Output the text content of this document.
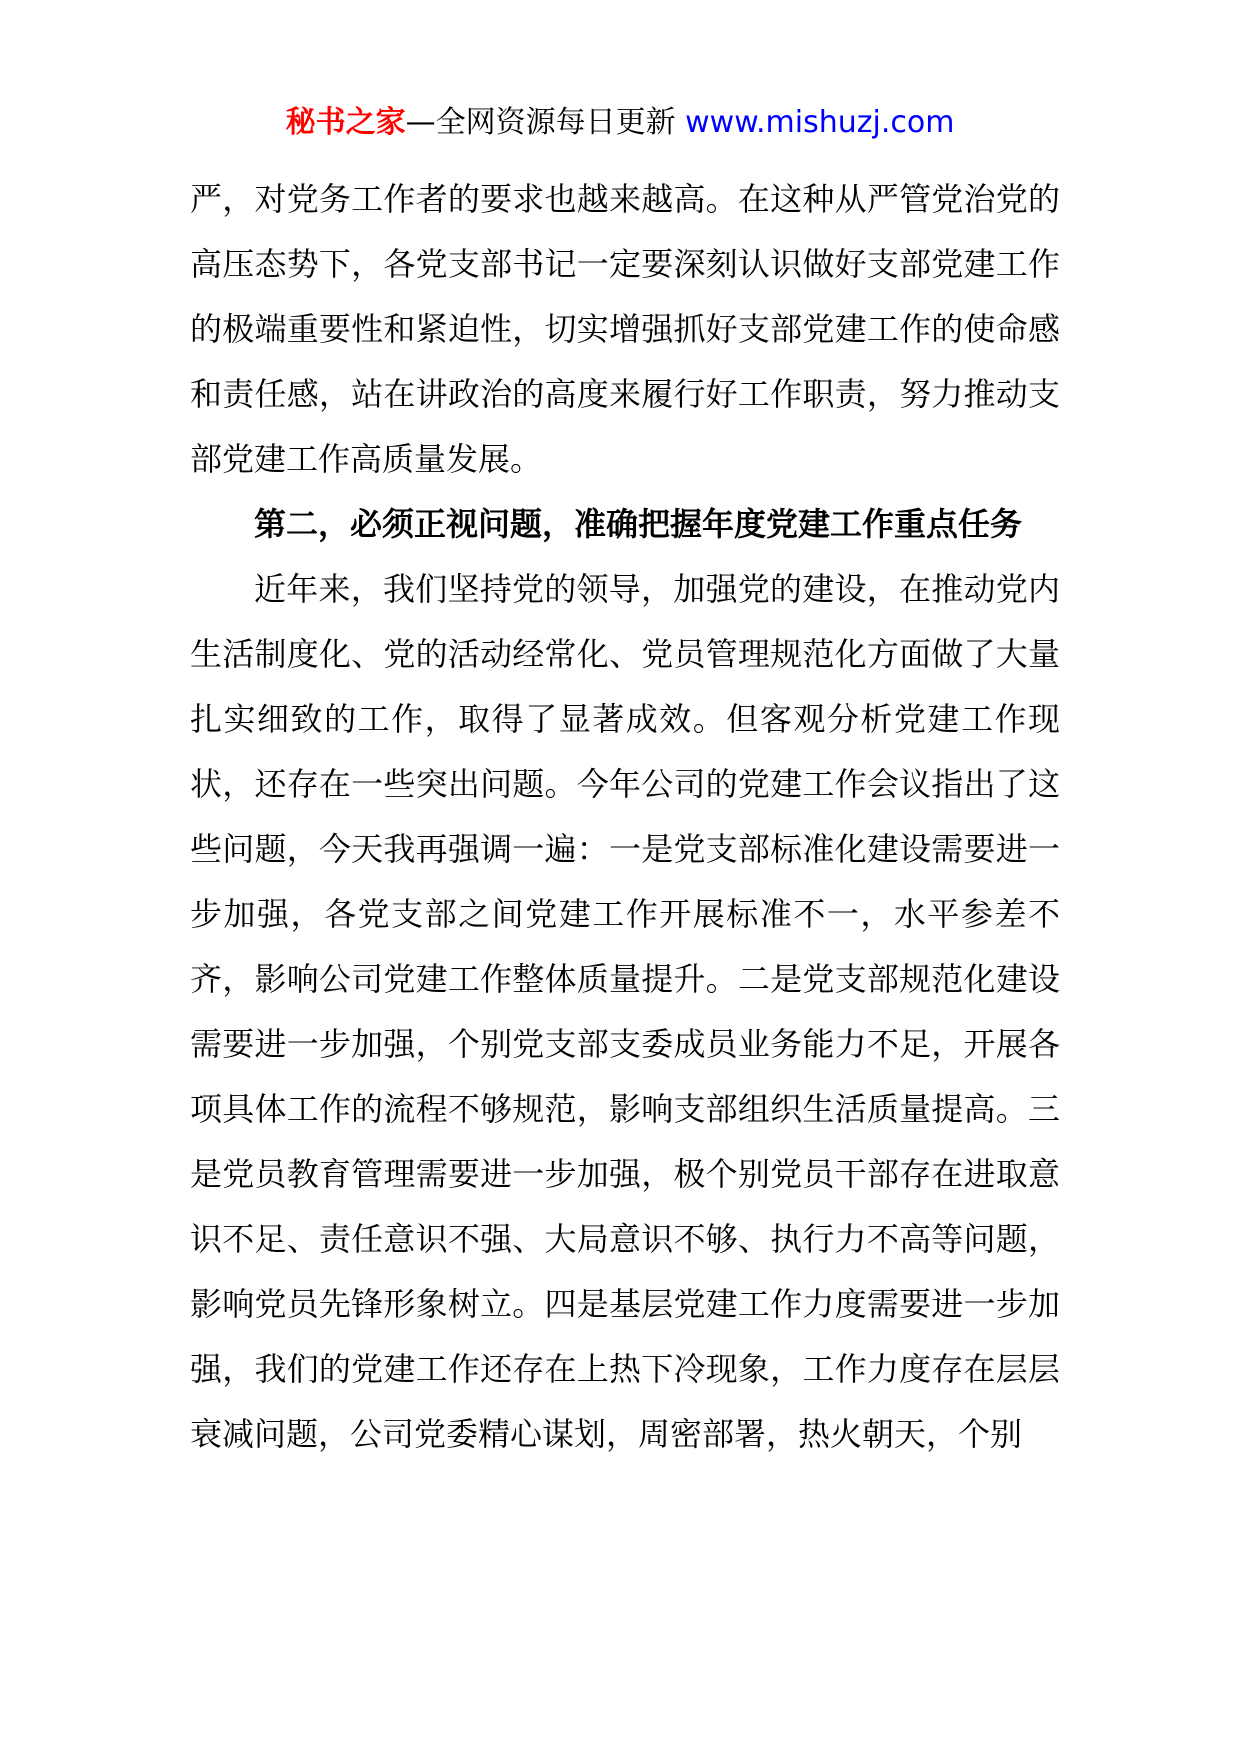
秘书之家—全网资源每日更新 www.mishuzj.com

严，对党务工作者的要求也越来越高。在这种从严管党治党的高压态势下，各党支部书记一定要深刻认识做好支部党建工作的极端重要性和紧迫性，切实增强抓好支部党建工作的使命感和责任感，站在讲政治的高度来履行好工作职责，努力推动支部党建工作高质量发展。

第二，必须正视问题，准确把握年度党建工作重点任务

近年来，我们坚持党的领导，加强党的建设，在推动党内生活制度化、党的活动经常化、党员管理规范化方面做了大量扎实细致的工作，取得了显著成效。但客观分析党建工作现状，还存在一些突出问题。今年公司的党建工作会议指出了这些问题，今天我再强调一遍：一是党支部标准化建设需要进一步加强，各党支部之间党建工作开展标准不一，水平参差不齐，影响公司党建工作整体质量提升。二是党支部规范化建设需要进一步加强，个别党支部支委成员业务能力不足，开展各项具体工作的流程不够规范，影响支部组织生活质量提高。三是党员教育管理需要进一步加强，极个别党员干部存在进取意识不足、责任意识不强、大局意识不够、执行力不高等问题，影响党员先锋形象树立。四是基层党建工作力度需要进一步加强，我们的党建工作还存在上热下冷现象，工作力度存在层层衰减问题，公司党委精心谋划，周密部署，热火朝天，个别
